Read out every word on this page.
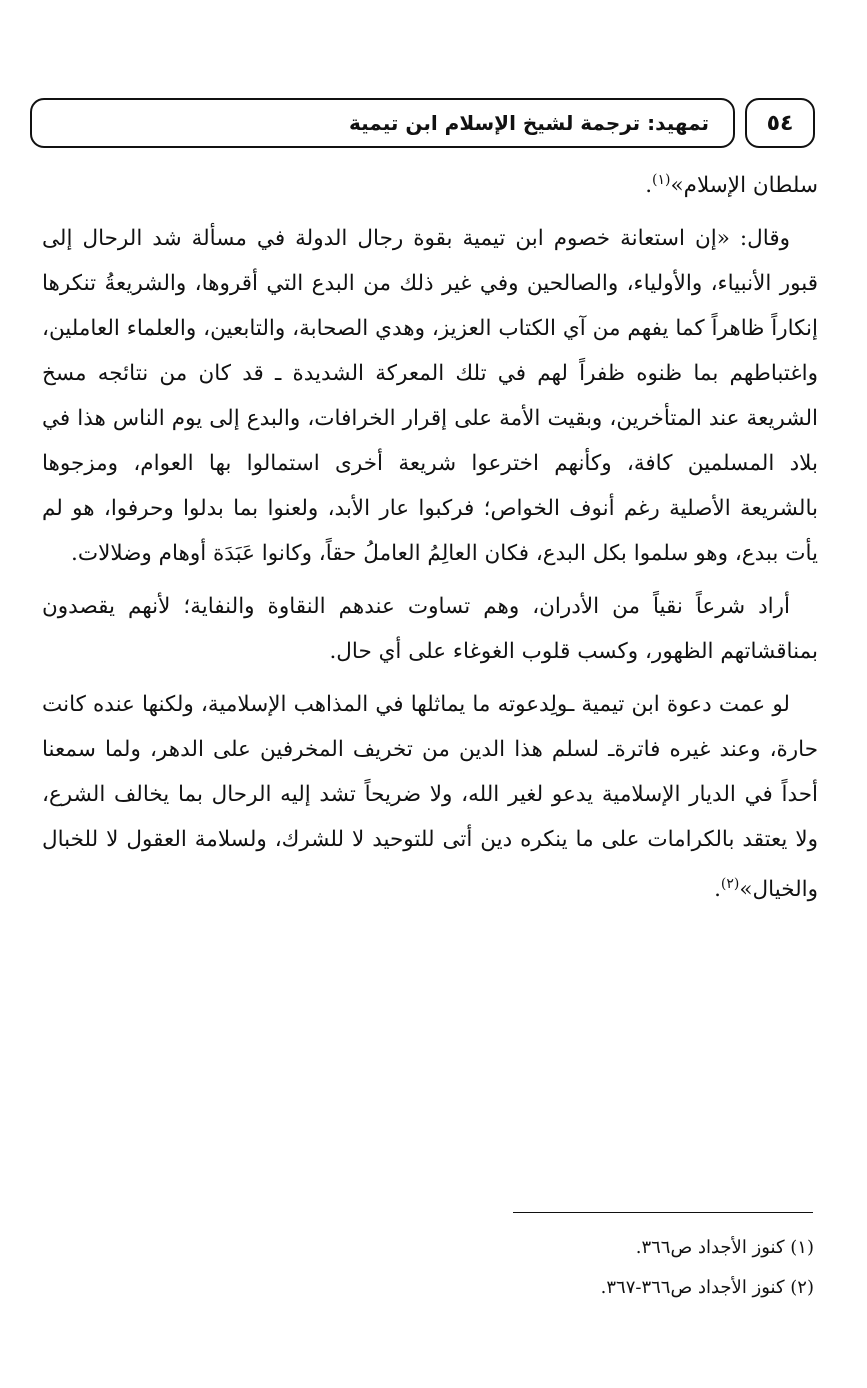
٥٤
تمهيد: ترجمة لشيخ الإسلام ابن تيمية

سلطان الإسلام»$^{(١)}$.

وقال: «إن استعانة خصوم ابن تيمية بقوة رجال الدولة في مسألة شد الرحال إلى قبور الأنبياء، والأولياء، والصالحين وفي غير ذلك من البدع التي أقروها، والشريعةُ تنكرها إنكاراً ظاهراً كما يفهم من آي الكتاب العزيز، وهدي الصحابة، والتابعين، والعلماء العاملين، واغتباطهم بما ظنوه ظفراً لهم في تلك المعركة الشديدة ـ قد كان من نتائجه مسخ الشريعة عند المتأخرين، وبقيت الأمة على إقرار الخرافات، والبدع إلى يوم الناس هذا في بلاد المسلمين كافة، وكأنهم اخترعوا شريعة أخرى استمالوا بها العوام، ومزجوها بالشريعة الأصلية رغم أنوف الخواص؛ فركبوا عار الأبد، ولعنوا بما بدلوا وحرفوا، هو لم يأت ببدع، وهو سلموا بكل البدع، فكان العالِمُ العاملُ حقاً، وكانوا عَبَدَة أوهام وضلالات.

أراد شرعاً نقياً من الأدران، وهم تساوت عندهم النقاوة والنفاية؛ لأنهم يقصدون بمناقشاتهم الظهور، وكسب قلوب الغوغاء على أي حال.

لو عمت دعوة ابن تيمية ـولِدعوته ما يماثلها في المذاهب الإسلامية، ولكنها عنده كانت حارة، وعند غيره فاترةـ لسلم هذا الدين من تخريف المخرفين على الدهر، ولما سمعنا أحداً في الديار الإسلامية يدعو لغير الله، ولا ضريحاً تشد إليه الرحال بما يخالف الشرع، ولا يعتقد بالكرامات على ما ينكره دين أتى للتوحيد لا للشرك، ولسلامة العقول لا للخبال والخيال»$^{(٢)}$.

(١) كنوز الأجداد ص٣٦٦.

(٢) كنوز الأجداد ص٣٦٦-٣٦٧.
